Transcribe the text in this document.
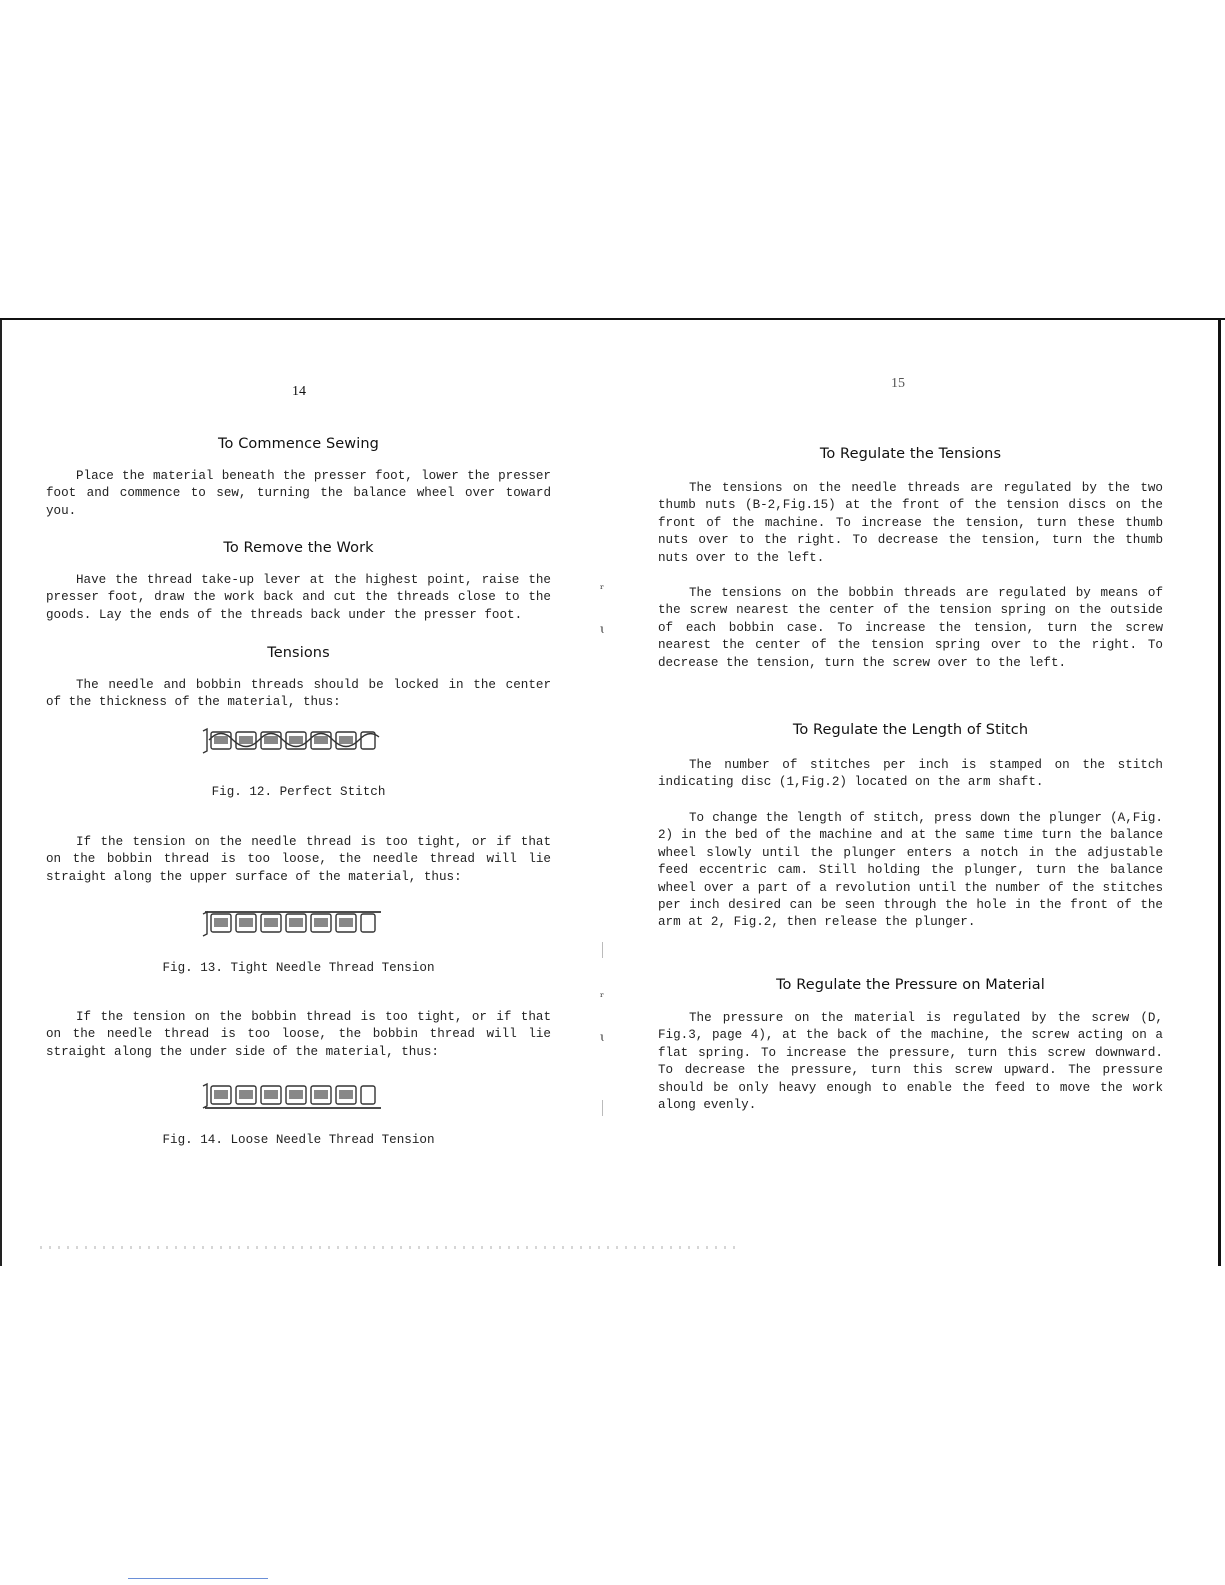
14
To Commence Sewing

Place the material beneath the presser foot, lower the presser foot and commence to sew, turning the balance wheel over toward you.

To Remove the Work

Have the thread take-up lever at the highest point, raise the presser foot, draw the work back and cut the threads close to the goods. Lay the ends of the threads back under the presser foot.

Tensions

The needle and bobbin threads should be locked in the center of the thickness of the material, thus:

Fig. 12. Perfect Stitch

If the tension on the needle thread is too tight, or if that on the bobbin thread is too loose, the needle thread will lie straight along the upper surface of the material, thus:

Fig. 13. Tight Needle Thread Tension

If the tension on the bobbin thread is too tight, or if that on the needle thread is too loose, the bobbin thread will lie straight along the under side of the material, thus:

Fig. 14. Loose Needle Thread Tension
ʳ
ɩ
ʳ
ɩ
15
To Regulate the Tensions

The tensions on the needle threads are regulated by the two thumb nuts (B-2,Fig.15) at the front of the tension discs on the front of the machine. To increase the tension, turn these thumb nuts over to the right. To decrease the tension, turn the thumb nuts over to the left.

The tensions on the bobbin threads are regulated by means of the screw nearest the center of the tension spring on the outside of each bobbin case. To increase the tension, turn the screw nearest the center of the tension spring over to the right. To decrease the tension, turn the screw over to the left.

To Regulate the Length of Stitch

The number of stitches per inch is stamped on the stitch indicating disc (1,Fig.2) located on the arm shaft.

To change the length of stitch, press down the plunger (A,Fig. 2) in the bed of the machine and at the same time turn the balance wheel slowly until the plunger enters a notch in the adjustable feed eccentric cam. Still holding the plunger, turn the balance wheel over a part of a revolution until the number of the stitches per inch desired can be seen through the hole in the front of the arm at 2, Fig.2, then release the plunger.

To Regulate the Pressure on Material

The pressure on the material is regulated by the screw (D, Fig.3, page 4), at the back of the machine, the screw acting on a flat spring. To increase the pressure, turn this screw downward. To decrease the pressure, turn this screw upward. The pressure should be only heavy enough to enable the feed to move the work along evenly.
